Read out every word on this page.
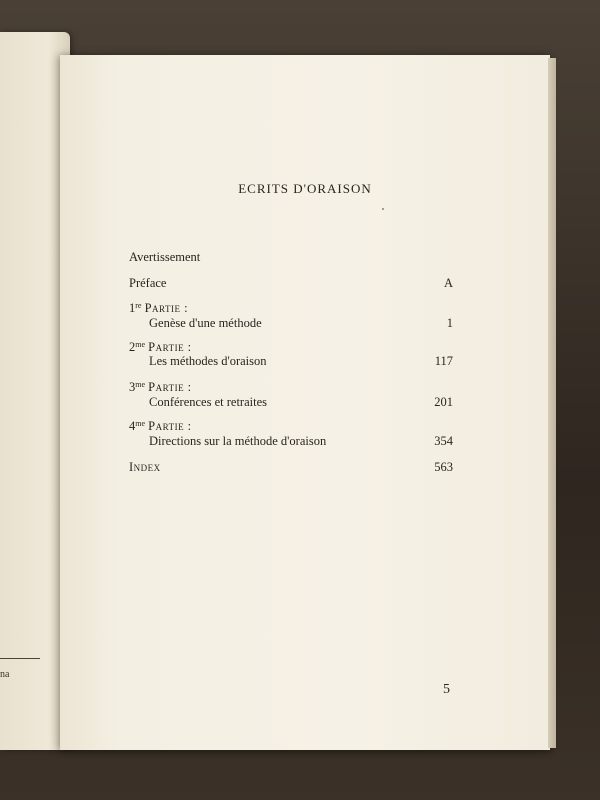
na
ECRITS D'ORAISON
Avertissement
Préface	A
1re Partie :
Genèse d'une méthode	1
$2^{me}$ Partie :
Les méthodes d'oraison	117
$3^{me}$ Partie :
Conférences et retraites	201
$4^{me}$ Partie :
Directions sur la méthode d'oraison	354
Index	563
5
